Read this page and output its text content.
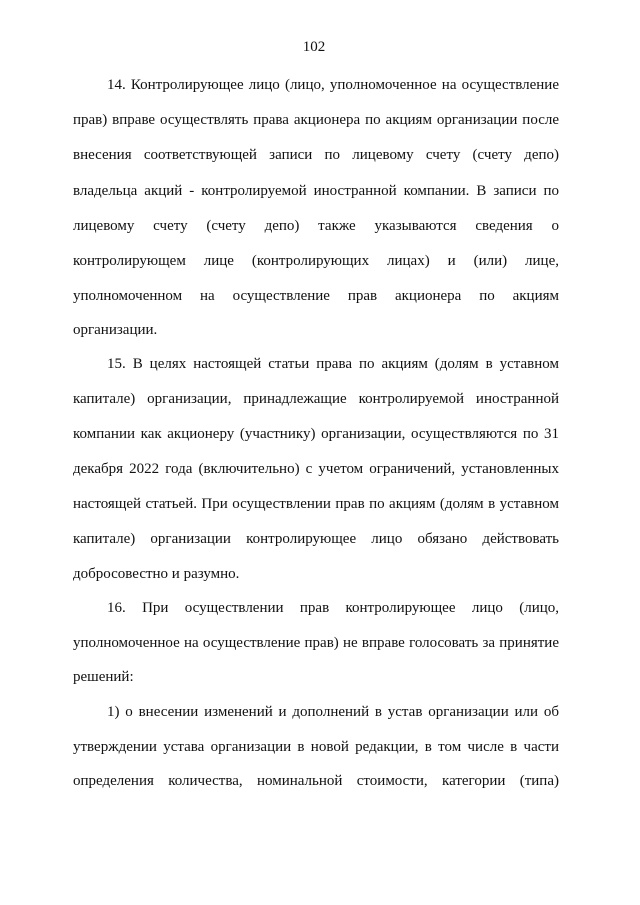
102
14. Контролирующее лицо (лицо, уполномоченное на осуществление
прав) вправе осуществлять права акционера по акциям организации после
внесения соответствующей записи по лицевому счету (счету депо)
владельца акций - контролируемой иностранной компании. В записи по
лицевому счету (счету депо) также указываются сведения о
контролирующем лице (контролирующих лицах) и (или) лице,
уполномоченном на осуществление прав акционера по акциям
организации.
15. В целях настоящей статьи права по акциям (долям в уставном
капитале) организации, принадлежащие контролируемой иностранной
компании как акционеру (участнику) организации, осуществляются по 31
декабря 2022 года (включительно) с учетом ограничений, установленных
настоящей статьей. При осуществлении прав по акциям (долям в уставном
капитале) организации контролирующее лицо обязано действовать
добросовестно и разумно.
16. При осуществлении прав контролирующее лицо (лицо,
уполномоченное на осуществление прав) не вправе голосовать за принятие
решений:
1) о внесении изменений и дополнений в устав организации или об
утверждении устава организации в новой редакции, в том числе в части
определения количества, номинальной стоимости, категории (типа)
